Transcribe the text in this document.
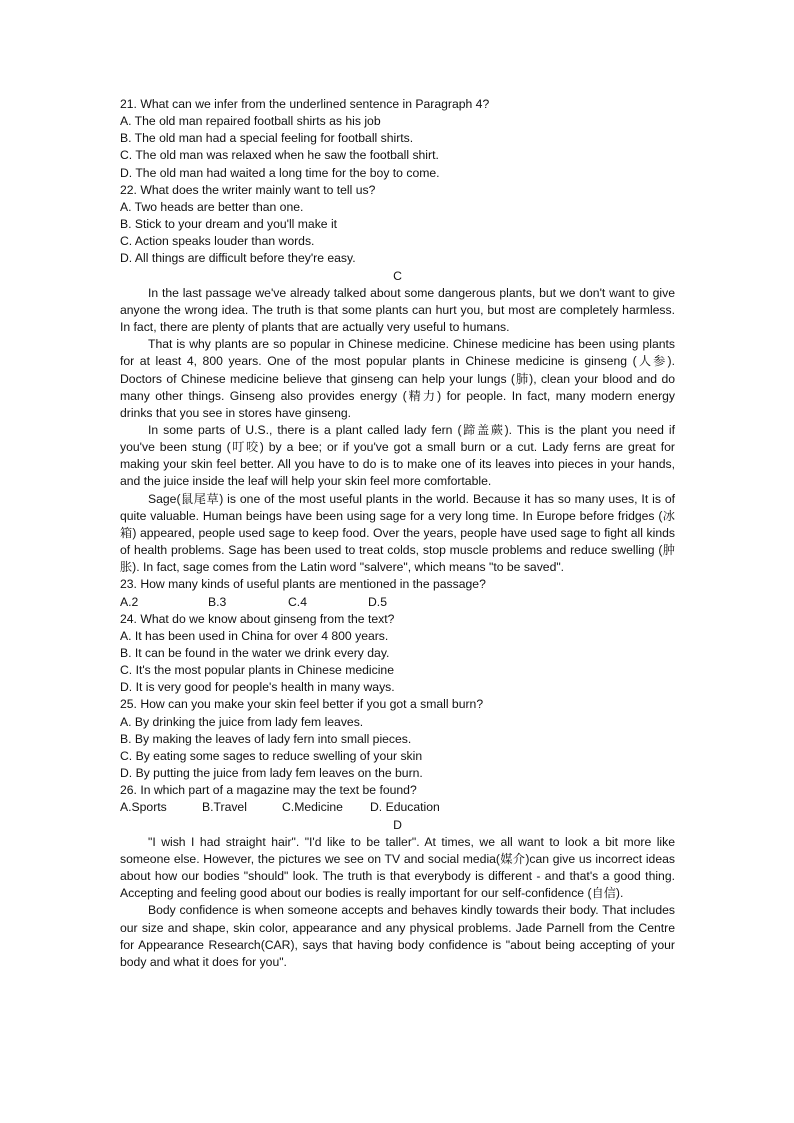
21. What can we infer from the underlined sentence in Paragraph 4?

A. The old man repaired football shirts as his job

B. The old man had a special feeling for football shirts.

C. The old man was relaxed when he saw the football shirt.

D. The old man had waited a long time for the boy to come.

22. What does the writer mainly want to tell us?

A. Two heads are better than one.

B. Stick to your dream and you'll make it

C. Action speaks louder than words.

D. All things are difficult before they're easy.

C

In the last passage we've already talked about some dangerous plants, but we don't want to give anyone the wrong idea. The truth is that some plants can hurt you, but most are completely harmless. In fact, there are plenty of plants that are actually very useful to humans.

That is why plants are so popular in Chinese medicine. Chinese medicine has been using plants for at least 4, 800 years. One of the most popular plants in Chinese medicine is ginseng (人参). Doctors of Chinese medicine believe that ginseng can help your lungs (肺), clean your blood and do many other things. Ginseng also provides energy (精力) for people. In fact, many modern energy drinks that you see in stores have ginseng.

In some parts of U.S., there is a plant called lady fern (蹄盖蕨). This is the plant you need if you've been stung (叮咬) by a bee; or if you've got a small burn or a cut. Lady ferns are great for making your skin feel better. All you have to do is to make one of its leaves into pieces in your hands, and the juice inside the leaf will help your skin feel more comfortable.

Sage(鼠尾草) is one of the most useful plants in the world. Because it has so many uses, It is of quite valuable. Human beings have been using sage for a very long time. In Europe before fridges (冰箱) appeared, people used sage to keep food. Over the years, people have used sage to fight all kinds of health problems. Sage has been used to treat colds, stop muscle problems and reduce swelling (肿胀). In fact, sage comes from the Latin word "salvere", which means "to be saved".

23. How many kinds of useful plants are mentioned in the passage?

A.2	B.3	C.4	D.5

24. What do we know about ginseng from the text?

A. It has been used in China for over 4 800 years.

B. It can be found in the water we drink every day.

C. It's the most popular plants in Chinese medicine

D. It is very good for people's health in many ways.

25. How can you make your skin feel better if you got a small burn?

A. By drinking the juice from lady fem leaves.

B. By making the leaves of lady fern into small pieces.

C. By eating some sages to reduce swelling of your skin

D. By putting the juice from lady fem leaves on the burn.

26. In which part of a magazine may the text be found?

A.Sports	B.Travel	C.Medicine	D. Education

D

"I wish I had straight hair". "I'd like to be taller". At times, we all want to look a bit more like someone else. However, the pictures we see on TV and social media(媒介)can give us incorrect ideas about how our bodies "should" look. The truth is that everybody is different - and that's a good thing. Accepting and feeling good about our bodies is really important for our self-confidence (自信).

Body confidence is when someone accepts and behaves kindly towards their body. That includes our size and shape, skin color, appearance and any physical problems. Jade Parnell from the Centre for Appearance Research(CAR), says that having body confidence is "about being accepting of your body and what it does for you".
